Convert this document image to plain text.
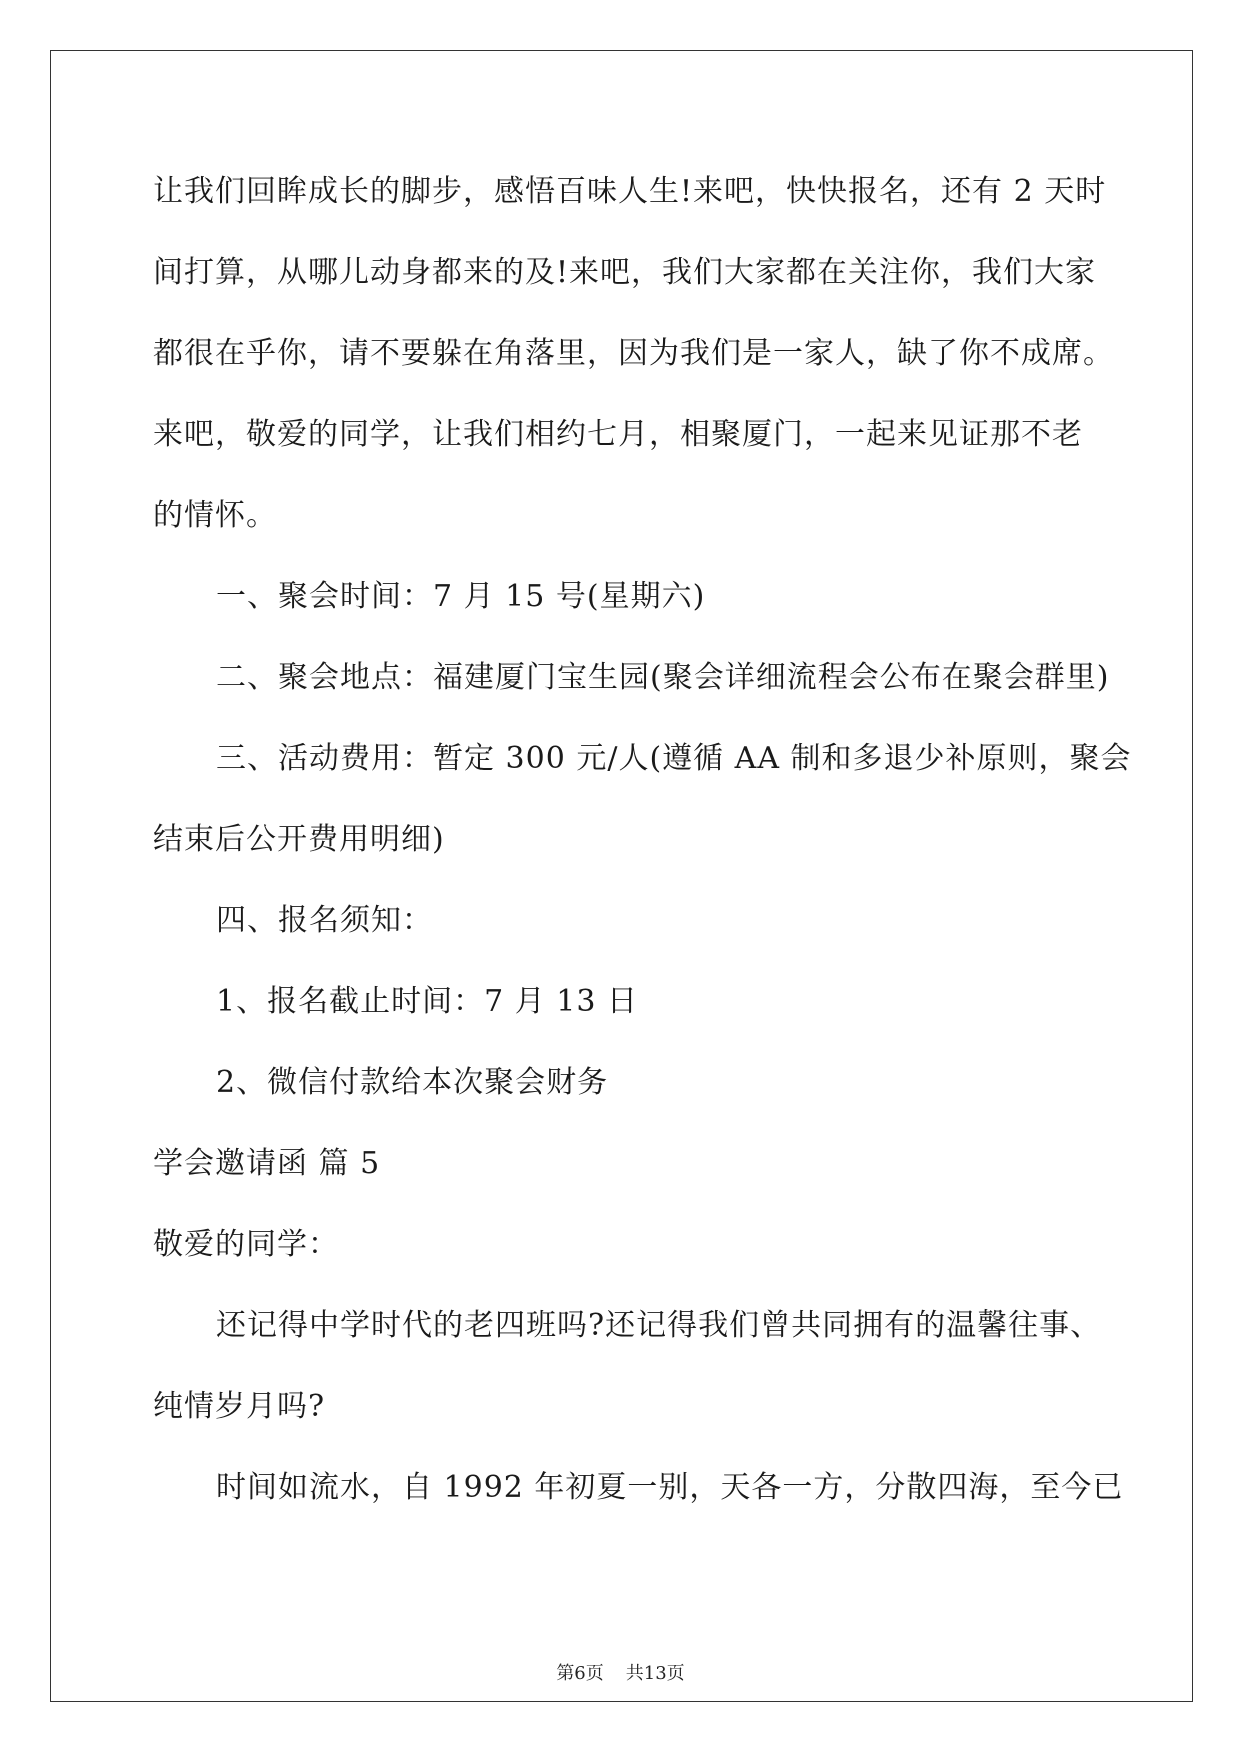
让我们回眸成长的脚步，感悟百味人生!来吧，快快报名，还有 2 天时
间打算，从哪儿动身都来的及!来吧，我们大家都在关注你，我们大家
都很在乎你，请不要躲在角落里，因为我们是一家人，缺了你不成席。
来吧，敬爱的同学，让我们相约七月，相聚厦门，一起来见证那不老
的情怀。
一、聚会时间：7 月 15 号(星期六)
二、聚会地点：福建厦门宝生园(聚会详细流程会公布在聚会群里)
三、活动费用：暂定 300 元/人(遵循 AA 制和多退少补原则，聚会
结束后公开费用明细)
四、报名须知：
1、报名截止时间：7 月 13 日
2、微信付款给本次聚会财务
学会邀请函 篇 5
敬爱的同学：
还记得中学时代的老四班吗?还记得我们曾共同拥有的温馨往事、
纯情岁月吗?
时间如流水，自 1992 年初夏一别，天各一方，分散四海，至今已
第6页 共13页
